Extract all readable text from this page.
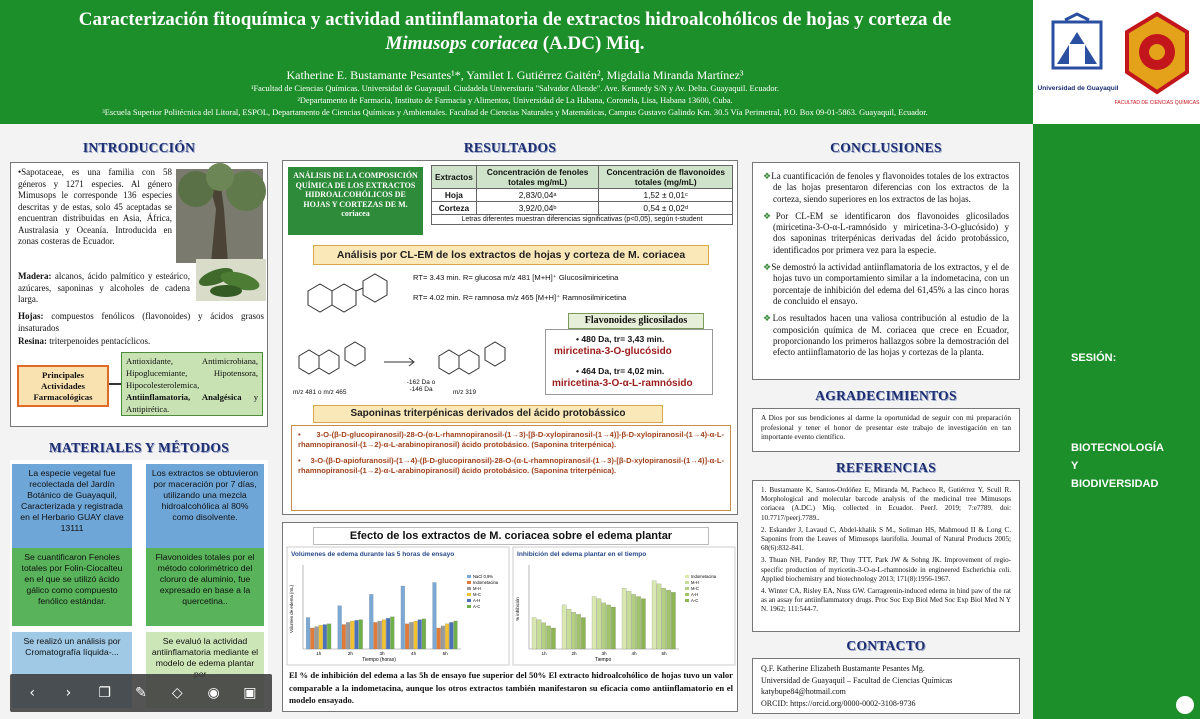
Caracterización fitoquímica y actividad antiinflamatoria de extractos hidroalcohólicos de hojas y corteza de
Mimusops coriacea (A.DC) Miq.
Katherine E. Bustamante Pesantes¹*, Yamilet I. Gutiérrez Gaitén², Migdalia Miranda Martínez³
¹Facultad de Ciencias Químicas. Universidad de Guayaquil. Ciudadela Universitaria "Salvador Allende". Ave. Kennedy S/N y Av. Delta. Guayaquil. Ecuador.
²Departamento de Farmacia, Instituto de Farmacia y Alimentos, Universidad de La Habana, Coronela, Lisa, Habana 13600, Cuba.
³Escuela Superior Politécnica del Litoral, ESPOL, Departamento de Ciencias Químicas y Ambientales. Facultad de Ciencias Naturales y Matemáticas, Campus Gustavo Galindo Km. 30.5 Vía Perimetral, P.O. Box 09-01-5863. Guayaquil, Ecuador.
Universidad de Guayaquil
FACULTAD DE CIENCIAS QUÍMICAS
SESIÓN:
BIOTECNOLOGÍA
Y
BIODIVERSIDAD
INTRODUCCIÓN
•Sapotaceae, es una familia con 58 géneros y 1271 especies. Al género Mimusops le corresponde 136 especies descritas y de estas, solo 45 aceptadas se encuentran distribuidas en Asia, África, Australasia y Oceanía. Introducida en zonas costeras de Ecuador.
Madera: alcanos, ácido palmítico y esteárico, azúcares, saponinas y alcoholes de cadena larga.
Hojas: compuestos fenólicos (flavonoides) y ácidos grasos insaturados
Resina: triterpenoides pentacíclicos.
Principales Actividades Farmacológicas
Antioxidante, Antimicrobiana, Hipoglucemiante, Hipotensora, Hipocolesterolemica, Antiinflamatoria, Analgésica y Antipirética.
MATERIALES Y MÉTODOS
La especie vegetal fue recolectada del Jardín Botánico de Guayaquil, Caracterizada y registrada en el Herbario GUAY clave 13111
Los extractos se obtuvieron por maceración por 7 días, utilizando una mezcla hidroalcohólica al 80% como disolvente.
Se cuantificaron Fenoles totales por Folin-Ciocalteu en el que se utilizó ácido gálico como compuesto fenólico estándar.
Flavonoides totales por el método colorimétrico del cloruro de aluminio, fue expresado en base a la quercetina..
Se realizó un análisis por Cromatografía líquida-...
Se evaluó la actividad antiinflamatoria mediante el modelo de edema plantar
‹	›	❐	✎	◇	◉	▣
RESULTADOS
ANÁLISIS DE LA COMPOSICIÓN QUÍMICA DE LOS EXTRACTOS HIDROALCOHÓLICOS DE HOJAS Y CORTEZAS DE M. coriacea
Extractos	Concentración de fenoles totales mg/mL)	Concentración de flavonoides totales (mg/mL)
Hoja	2,83/0,04ᵃ	1,52 ± 0,01ᶜ
Corteza	3,92/0,04ᵇ	0,54 ± 0,02ᵈ
Letras diferentes muestran diferencias significativas (p<0,05), según t-student		
Análisis por CL-EM de los extractos de hojas y corteza de M. coriacea
RT= 3.43 min. R= glucosa m/z 481 [M+H]⁺ Glucosilmiricetina
RT= 4.02 min. R= ramnosa m/z 465 [M+H]⁺ Ramnosilmiricetina
m/z 481 o m/z 465
-162 Da o -146 Da	m/z 319
Flavonoides glicosilados
• 480 Da, tr= 3,43 min.
miricetina-3-O-glucósido
• 464 Da, tr= 4,02 min.
miricetina-3-O-α-L-ramnósido
Saponinas triterpénicas derivados del ácido protobássico
• 3-O-(β-D-glucopiranosil)-28-O-(α-L-rhamnopiranosil-(1→3)-[β-D-xylopiranosil-(1→4)]-β-D-xylopiranosil-(1→4)-α-L-rhamnopiranosil-(1→2)-α-L-arabinopiranosil) ácido protobásico. (Saponina triterpénica).
• 3-O-(β-D-apiofuranosil)-(1→4)-(β-D-glucopiranosil)-28-O-(α-L-rhamnopiranosil-(1→3)-[β-D-xylopiranosil-(1→4)]-α-L-rhamnopiranosil-(1→2)-α-L-arabinopiranosil) ácido protobásico. (Saponina triterpénica).
Efecto de los extractos de M. coriacea sobre el edema plantar
Volúmenes de edema durante las 5 horas de ensayo
1h	2h	3h	4h	5h
Tiempo (horas)
Volumen de edema (mL)
NaCl 0,9%
Indometacina
M-H
M-C
A-H
A-C
Inhibición del edema plantar en el tiempo
1h	2h	3h	4h	5h
Tiempo
% inhibición
Indometacina
M-H
M-C
A-H
A-C
El % de inhibición del edema a las 5h de ensayo fue superior del 50% El extracto hidroalcohólico de hojas tuvo un valor comparable a la indometacina, aunque los otros extractos también manifestaron su eficacia como antiinflamatorio en el modelo ensayado.
CONCLUSIONES
❖La cuantificación de fenoles y flavonoides totales de los extractos de las hojas presentaron diferencias con los extractos de la corteza, siendo superiores en los extractos de las hojas.
❖Por CL-EM se identificaron dos flavonoides glicosilados (miricetina-3-O-α-L-ramnósido y miricetina-3-O-glucósido) y dos saponinas triterpénicas derivadas del ácido protobássico, identificados por primera vez para la especie.
❖Se demostró la actividad antiinflamatoria de los extractos, y el de hojas tuvo un comportamiento similar a la indometacina, con un porcentaje de inhibición del edema del 61,45% a las cinco horas de concluido el ensayo.
❖Los resultados hacen una valiosa contribución al estudio de la composición química de M. coriacea que crece en Ecuador, proporcionando los primeros hallazgos sobre la demostración del efecto antiinflamatorio de las hojas y cortezas de la planta.
AGRADECIMIENTOS
A Dios por sus bendiciones al darme la oportunidad de seguir con mi preparación profesional y tener el honor de presentar este trabajo de investigación en tan importante evento científico.
REFERENCIAS
1. Bustamante K, Santos-Ordóñez E, Miranda M, Pacheco R, Gutiérrez Y, Scull R. Morphological and molecular barcode analysis of the medicinal tree Mimusops coriacea (A.DC.) Miq. collected in Ecuador. PeerJ. 2019; 7:e7789. doi: 10.7717/peerj.7789..
2. Eskander J, Lavaud C, Abdel-khalik S M., Soliman HS, Mahmoud II & Long C. Saponins from the Leaves of Mimusops laurifolia. Journal of Natural Products 2005; 68(6):832-841.
3. Thuan NH, Pandey RP, Thuy TTT, Park JW & Sohng JK. Improvement of regio-specific production of myricetin-3-O-α-L-rhamnoside in engineered Escherichia coli. Applied biochemistry and biotechnology 2013; 171(8):1956-1967.
4. Winter CA, Risley EA, Nuss GW. Carrageenin-induced edema in hind paw of the rat as an assay for antiinflammatory drugs. Proc Soc Exp Biol Med Soc Exp Biol Med N Y N. 1962; 111:544-7.
CONTACTO
Q.F. Katherine Elizabeth Bustamante Pesantes Mg.
Universidad de Guayaquil – Facultad de Ciencias Químicas
katybupe84@hotmail.com
ORCID: https://orcid.org/0000-0002-3108-9736
